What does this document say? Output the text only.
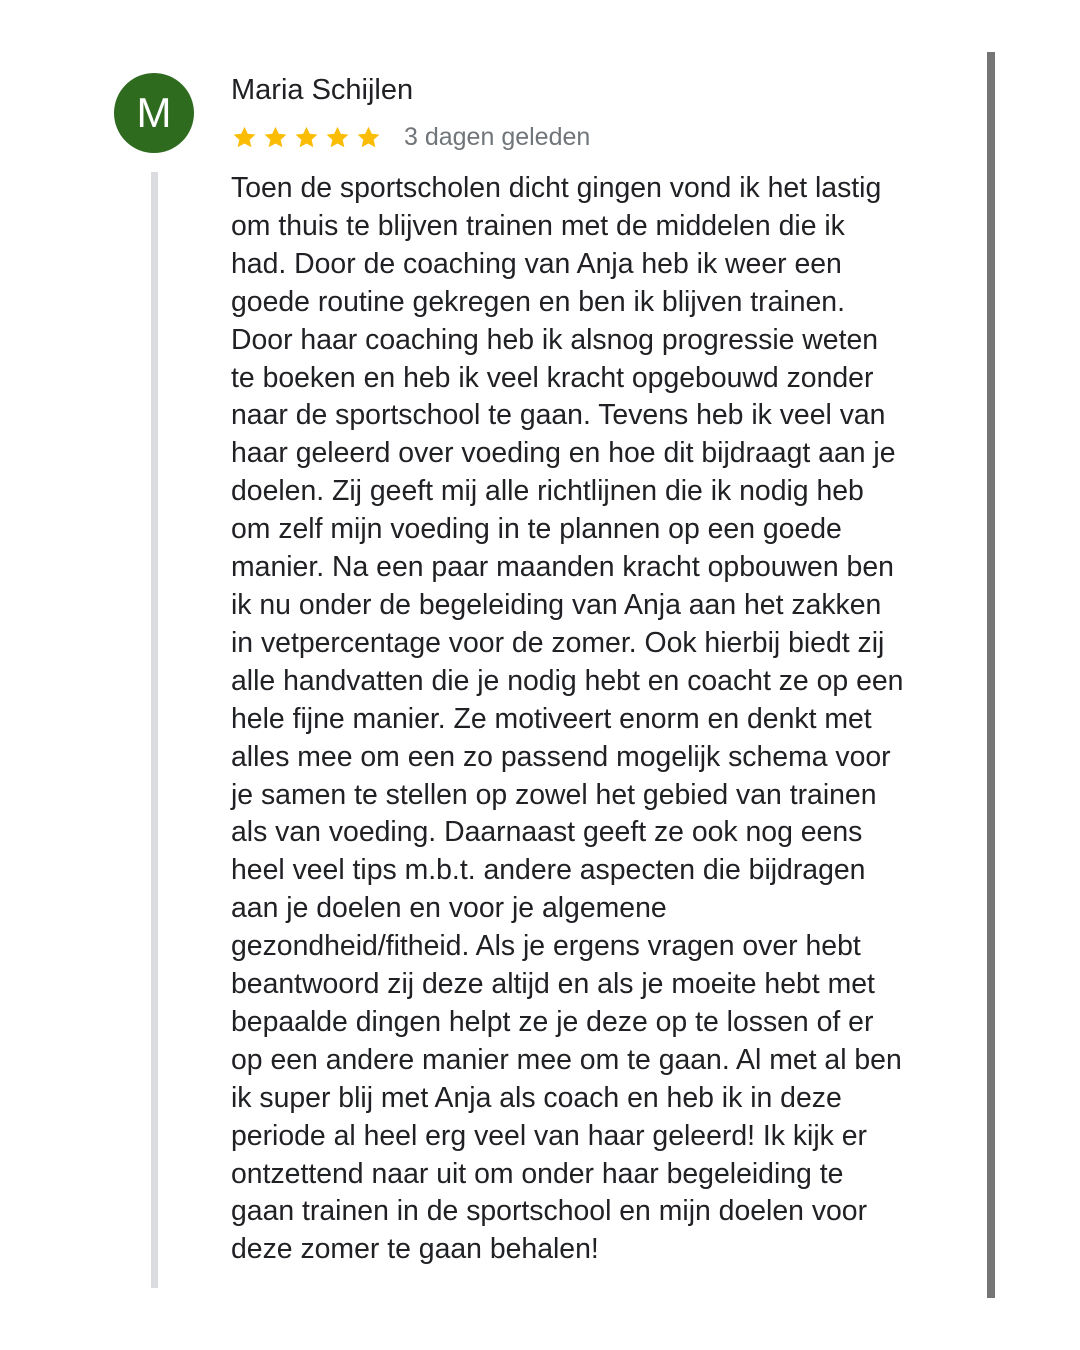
M Maria Schijlen
3 dagen geleden
Toen de sportscholen dicht gingen vond ik het lastig
om thuis te blijven trainen met de middelen die ik
had. Door de coaching van Anja heb ik weer een
goede routine gekregen en ben ik blijven trainen.
Door haar coaching heb ik alsnog progressie weten
te boeken en heb ik veel kracht opgebouwd zonder
naar de sportschool te gaan. Tevens heb ik veel van
haar geleerd over voeding en hoe dit bijdraagt aan je
doelen. Zij geeft mij alle richtlijnen die ik nodig heb
om zelf mijn voeding in te plannen op een goede
manier. Na een paar maanden kracht opbouwen ben
ik nu onder de begeleiding van Anja aan het zakken
in vetpercentage voor de zomer. Ook hierbij biedt zij
alle handvatten die je nodig hebt en coacht ze op een
hele fijne manier. Ze motiveert enorm en denkt met
alles mee om een zo passend mogelijk schema voor
je samen te stellen op zowel het gebied van trainen
als van voeding. Daarnaast geeft ze ook nog eens
heel veel tips m.b.t. andere aspecten die bijdragen
aan je doelen en voor je algemene
gezondheid/fitheid. Als je ergens vragen over hebt
beantwoord zij deze altijd en als je moeite hebt met
bepaalde dingen helpt ze je deze op te lossen of er
op een andere manier mee om te gaan. Al met al ben
ik super blij met Anja als coach en heb ik in deze
periode al heel erg veel van haar geleerd! Ik kijk er
ontzettend naar uit om onder haar begeleiding te
gaan trainen in de sportschool en mijn doelen voor
deze zomer te gaan behalen!
